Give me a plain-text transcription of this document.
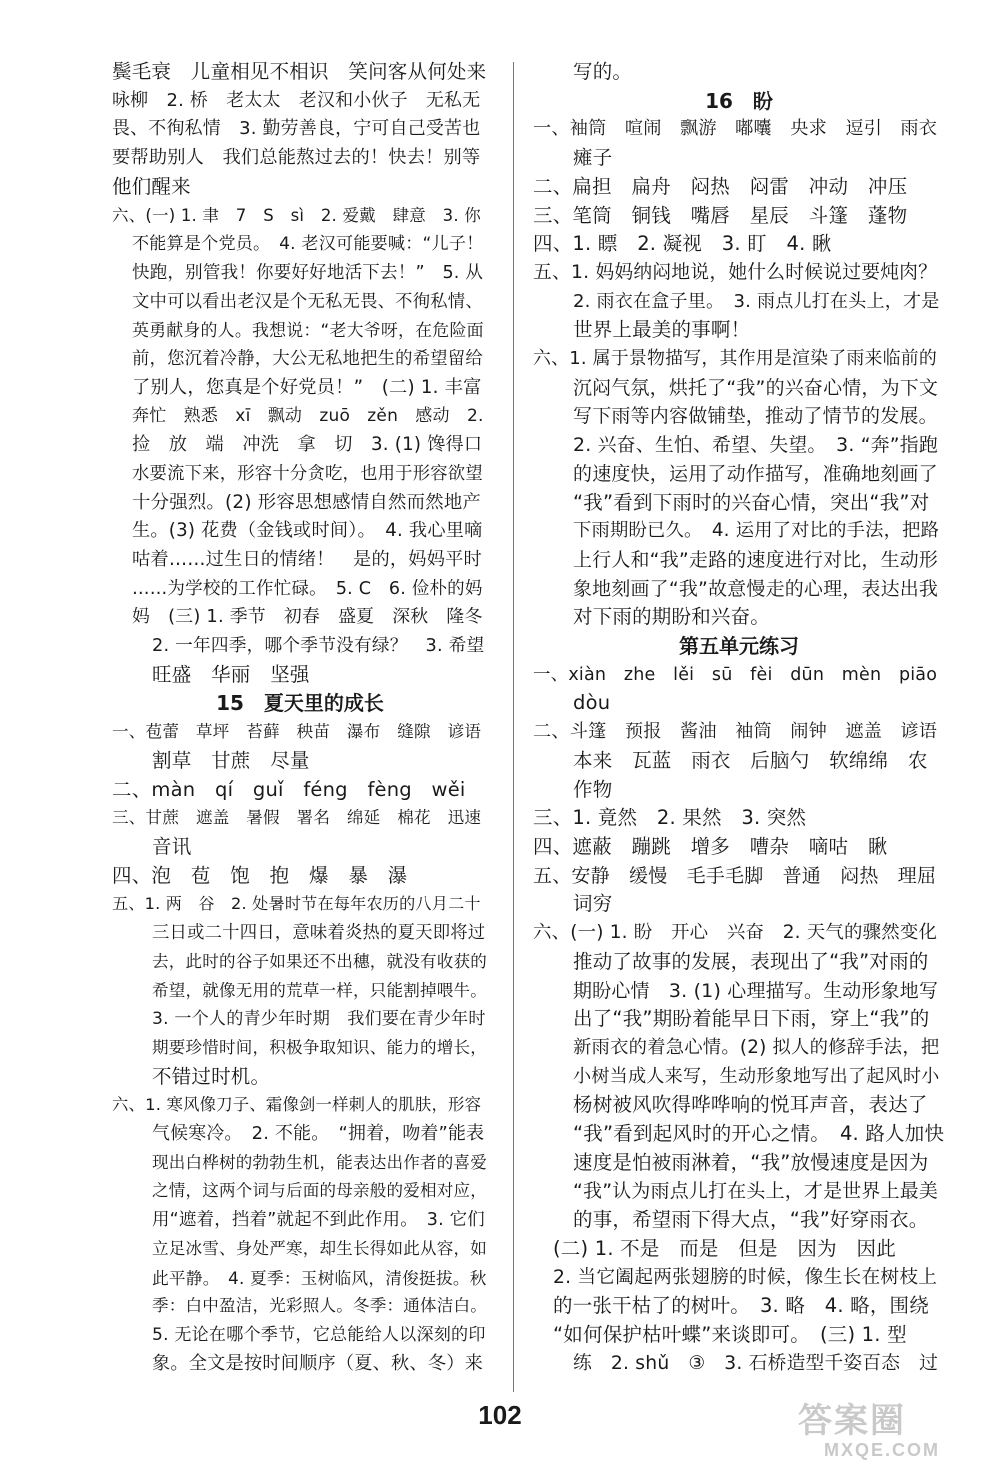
鬓毛衰　儿童相见不相识　笑问客从何处来
咏柳　2. 桥　老太太　老汉和小伙子　无私无
畏、不徇私情　3. 勤劳善良，宁可自己受苦也
要帮助别人　我们总能熬过去的！快去！别等
他们醒来
六、(一) 1. 聿　7　S　sì　2. 爱戴　肆意　3. 你
不能算是个党员。　4. 老汉可能要喊：“儿子！
快跑，别管我！你要好好地活下去！”　5. 从
文中可以看出老汉是个无私无畏、不徇私情、
英勇献身的人。我想说：“老大爷呀，在危险面
前，您沉着冷静，大公无私地把生的希望留给
了别人，您真是个好党员！”　(二) 1. 丰富
奔忙　熟悉　xī　飘动　zuō　zěn　感动　2.
捡　放　端　冲洗　拿　切　3. (1) 馋得口
水要流下来，形容十分贪吃，也用于形容欲望
十分强烈。(2) 形容思想感情自然而然地产
生。(3) 花费（金钱或时间）。　4. 我心里嘀
咕着……过生日的情绪！　是的，妈妈平时
……为学校的工作忙碌。　5. C　6. 俭朴的妈
妈　(三) 1. 季节　初春　盛夏　深秋　隆冬
2. 一年四季，哪个季节没有绿？　3. 希望
旺盛　华丽　坚强
15　夏天里的成长
一、苞蕾　草坪　苔藓　秧苗　瀑布　缝隙　谚语
割草　甘蔗　尽量
二、màn　qí　guǐ　féng　fèng　wěi
三、甘蔗　遮盖　暑假　署名　绵延　棉花　迅速
音讯
四、泡　苞　饱　抱　爆　暴　瀑
五、1. 两　谷　2. 处暑时节在每年农历的八月二十
三日或二十四日，意味着炎热的夏天即将过
去，此时的谷子如果还不出穗，就没有收获的
希望，就像无用的荒草一样，只能割掉喂牛。
3. 一个人的青少年时期　我们要在青少年时
期要珍惜时间，积极争取知识、能力的增长，
不错过时机。
六、1. 寒风像刀子、霜像剑一样刺人的肌肤，形容
气候寒冷。　2. 不能。　“拥着，吻着”能表
现出白桦树的勃勃生机，能表达出作者的喜爱
之情，这两个词与后面的母亲般的爱相对应，
用“遮着，挡着”就起不到此作用。　3. 它们
立足冰雪、身处严寒，却生长得如此从容，如
此平静。　4. 夏季：玉树临风，清俊挺拔。秋
季：白中盈洁，光彩照人。冬季：通体洁白。
5. 无论在哪个季节，它总能给人以深刻的印
象。全文是按时间顺序（夏、秋、冬）来
写的。
16　盼
一、袖筒　喧闹　飘游　嘟囔　央求　逗引　雨衣
瘫子
二、扁担　扁舟　闷热　闷雷　冲动　冲压
三、笔筒　铜钱　嘴唇　星辰　斗篷　蓬物
四、1. 瞟　2. 凝视　3. 盯　4. 瞅
五、1. 妈妈纳闷地说，她什么时候说过要炖肉？
2. 雨衣在盒子里。　3. 雨点儿打在头上，才是
世界上最美的事啊！
六、1. 属于景物描写，其作用是渲染了雨来临前的
沉闷气氛，烘托了“我”的兴奋心情，为下文
写下雨等内容做铺垫，推动了情节的发展。
2. 兴奋、生怕、希望、失望。　3. “奔”指跑
的速度快，运用了动作描写，准确地刻画了
“我”看到下雨时的兴奋心情，突出“我”对
下雨期盼已久。　4. 运用了对比的手法，把路
上行人和“我”走路的速度进行对比，生动形
象地刻画了“我”故意慢走的心理，表达出我
对下雨的期盼和兴奋。
第五单元练习
一、xiàn　zhe　lěi　sū　fèi　dūn　mèn　piāo
dòu
二、斗篷　预报　酱油　袖筒　闹钟　遮盖　谚语
本来　瓦蓝　雨衣　后脑勺　软绵绵　农
作物
三、1. 竟然　2. 果然　3. 突然
四、遮蔽　蹦跳　增多　嘈杂　嘀咕　瞅
五、安静　缓慢　毛手毛脚　普通　闷热　理屈
词穷
六、(一) 1. 盼　开心　兴奋　2. 天气的骤然变化
推动了故事的发展，表现出了“我”对雨的
期盼心情　3. (1) 心理描写。生动形象地写
出了“我”期盼着能早日下雨，穿上“我”的
新雨衣的着急心情。(2) 拟人的修辞手法，把
小树当成人来写，生动形象地写出了起风时小
杨树被风吹得哗哗响的悦耳声音，表达了
“我”看到起风时的开心之情。　4. 路人加快
速度是怕被雨淋着，“我”放慢速度是因为
“我”认为雨点儿打在头上，才是世界上最美
的事，希望雨下得大点，“我”好穿雨衣。
(二) 1. 不是　而是　但是　因为　因此
2. 当它阖起两张翅膀的时候，像生长在树枝上
的一张干枯了的树叶。　3. 略　4. 略，围绕
“如何保护枯叶蝶”来谈即可。　(三) 1. 型
练　2. shǔ　③　3. 石桥造型千姿百态　过
102	答案圈
MXQE.COM
